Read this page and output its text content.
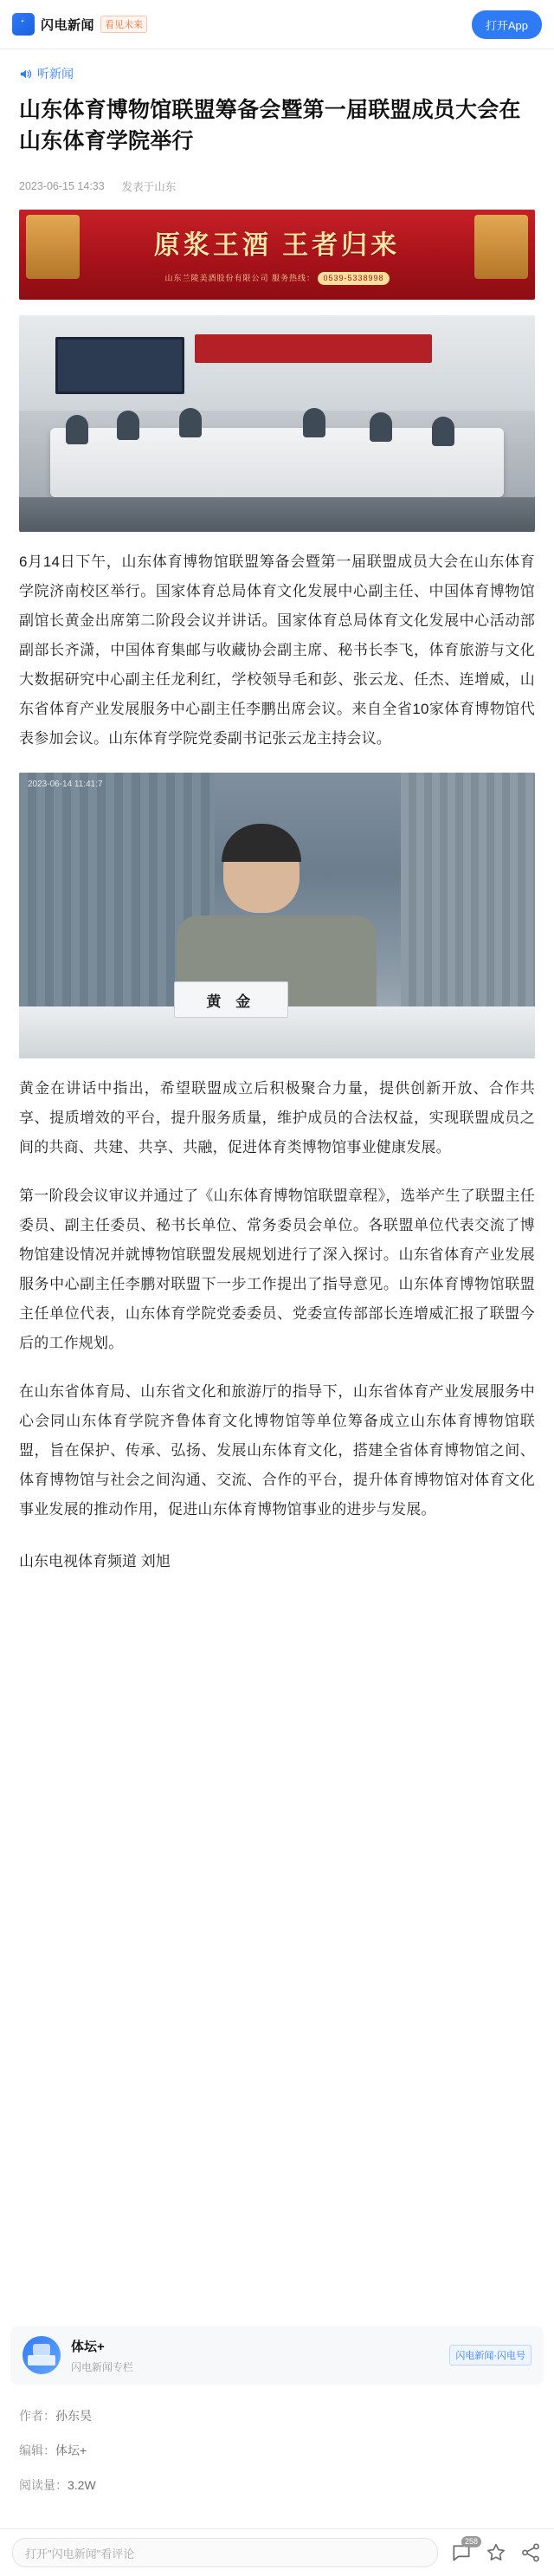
闪电新闻	看见未来	打开App
听新闻
山东体育博物馆联盟筹备会暨第一届联盟成员大会在山东体育学院举行
2023-06-15 14:33 发表于山东
原浆王酒 王者归来
山东兰陵美酒股份有限公司 服务热线： 0539-5338998

6月14日下午，山东体育博物馆联盟筹备会暨第一届联盟成员大会在山东体育学院济南校区举行。国家体育总局体育文化发展中心副主任、中国体育博物馆副馆长黄金出席第二阶段会议并讲话。国家体育总局体育文化发展中心活动部副部长齐潇，中国体育集邮与收藏协会副主席、秘书长李飞，体育旅游与文化大数据研究中心副主任龙利红，学校领导毛和彭、张云龙、任杰、连增威，山东省体育产业发展服务中心副主任李鹏出席会议。来自全省10家体育博物馆代表参加会议。山东体育学院党委副书记张云龙主持会议。

黄 金
2023-06-14 11:41:7

黄金在讲话中指出，希望联盟成立后积极聚合力量，提供创新开放、合作共享、提质增效的平台，提升服务质量，维护成员的合法权益，实现联盟成员之间的共商、共建、共享、共融，促进体育类博物馆事业健康发展。

第一阶段会议审议并通过了《山东体育博物馆联盟章程》，选举产生了联盟主任委员、副主任委员、秘书长单位、常务委员会单位。各联盟单位代表交流了博物馆建设情况并就博物馆联盟发展规划进行了深入探讨。山东省体育产业发展服务中心副主任李鹏对联盟下一步工作提出了指导意见。山东体育博物馆联盟主任单位代表，山东体育学院党委委员、党委宣传部部长连增威汇报了联盟今后的工作规划。

在山东省体育局、山东省文化和旅游厅的指导下，山东省体育产业发展服务中心会同山东体育学院齐鲁体育文化博物馆等单位筹备成立山东体育博物馆联盟，旨在保护、传承、弘扬、发展山东体育文化，搭建全省体育博物馆之间、体育博物馆与社会之间沟通、交流、合作的平台，提升体育博物馆对体育文化事业发展的推动作用，促进山东体育博物馆事业的进步与发展。

山东电视体育频道 刘旭
体坛+
闪电新闻专栏
闪电新闻·闪电号
作者：孙东昊
编辑：体坛+
阅读量：3.2W
打开"闪电新闻"看评论
258
